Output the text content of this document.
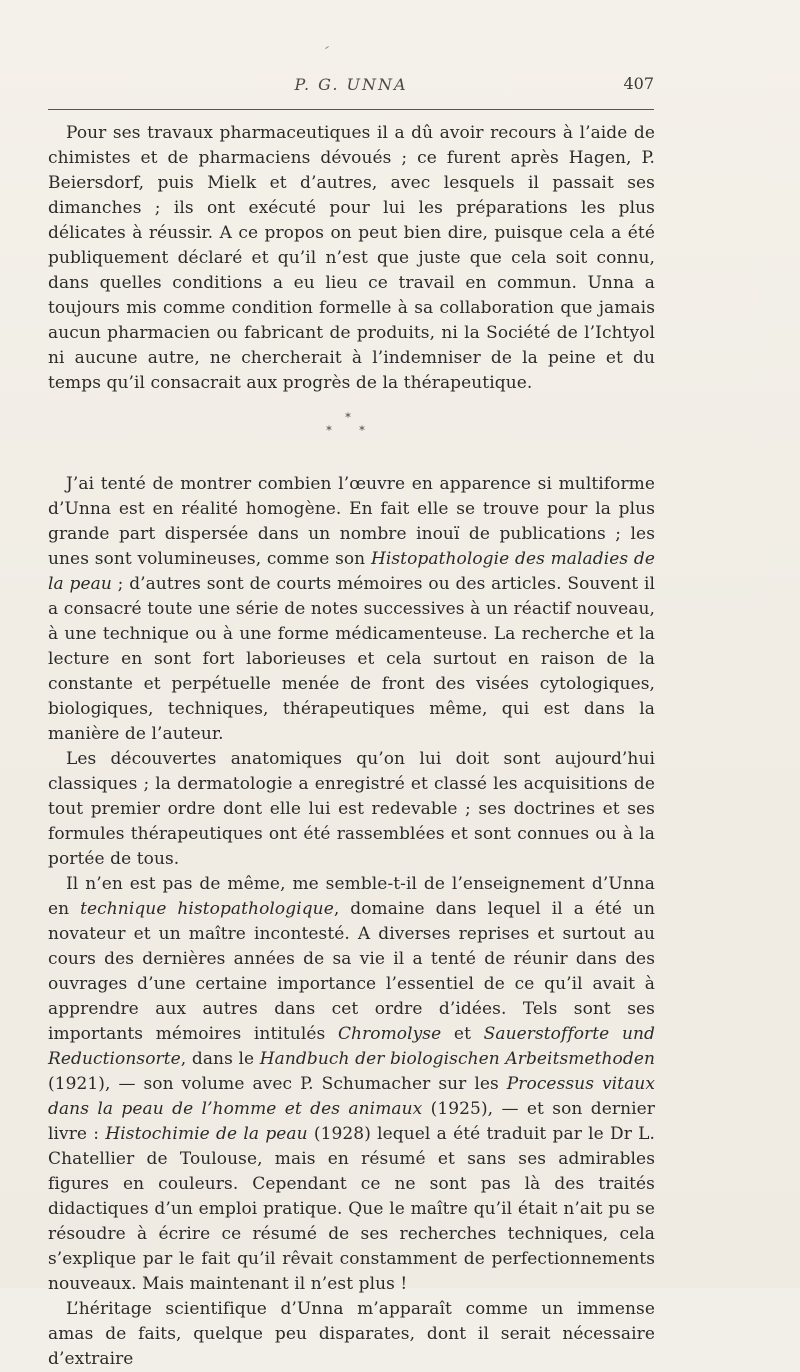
P. G. UNNA	407

Pour ses travaux pharmaceutiques il a dû avoir recours à l’aide de chimistes et de pharmaciens dévoués ; ce furent après Hagen, P. Beiersdorf, puis Mielk et d’autres, avec lesquels il passait ses dimanches ; ils ont exécuté pour lui les préparations les plus délicates à réussir. A ce propos on peut bien dire, puisque cela a été publiquement déclaré et qu’il n’est que juste que cela soit connu, dans quelles conditions a eu lieu ce travail en commun. Unna a toujours mis comme condition formelle à sa collaboration que jamais aucun pharmacien ou fabricant de produits, ni la Société de l’Ichtyol ni aucune autre, ne chercherait à l’indemniser de la peine et du temps qu’il consacrait aux progrès de la thérapeutique.

*
* *

J’ai tenté de montrer combien l’œuvre en apparence si multiforme d’Unna est en réalité homogène. En fait elle se trouve pour la plus grande part dispersée dans un nombre inouï de publications ; les unes sont volumineuses, comme son Histopathologie des maladies de la peau ; d’autres sont de courts mémoires ou des articles. Souvent il a consacré toute une série de notes successives à un réactif nouveau, à une technique ou à une forme médicamenteuse. La recherche et la lecture en sont fort laborieuses et cela surtout en raison de la constante et perpétuelle menée de front des visées cytologiques, biologiques, techniques, thérapeutiques même, qui est dans la manière de l’auteur.

Les découvertes anatomiques qu’on lui doit sont aujourd’hui classiques ; la dermatologie a enregistré et classé les acquisitions de tout premier ordre dont elle lui est redevable ; ses doctrines et ses formules thérapeutiques ont été rassemblées et sont connues ou à la portée de tous.

Il n’en est pas de même, me semble-t-il de l’enseignement d’Unna en technique histopathologique, domaine dans lequel il a été un novateur et un maître incontesté. A diverses reprises et surtout au cours des dernières années de sa vie il a tenté de réunir dans des ouvrages d’une certaine importance l’essentiel de ce qu’il avait à apprendre aux autres dans cet ordre d’idées. Tels sont ses importants mémoires intitulés Chromolyse et Sauerstofforte und Reductionsorte, dans le Handbuch der biologischen Arbeitsmethoden (1921), — son volume avec P. Schumacher sur les Processus vitaux dans la peau de l’homme et des animaux (1925), — et son dernier livre : Histochimie de la peau (1928) lequel a été traduit par le Dr L. Chatellier de Toulouse, mais en résumé et sans ses admirables figures en couleurs. Cependant ce ne sont pas là des traités didactiques d’un emploi pratique. Que le maître qu’il était n’ait pu se résoudre à écrire ce résumé de ses recherches techniques, cela s’explique par le fait qu’il rêvait constamment de perfectionnements nouveaux. Mais maintenant il n’est plus !

L’héritage scientifique d’Unna m’apparaît comme un immense amas de faits, quelque peu disparates, dont il serait nécessaire d’extraire
